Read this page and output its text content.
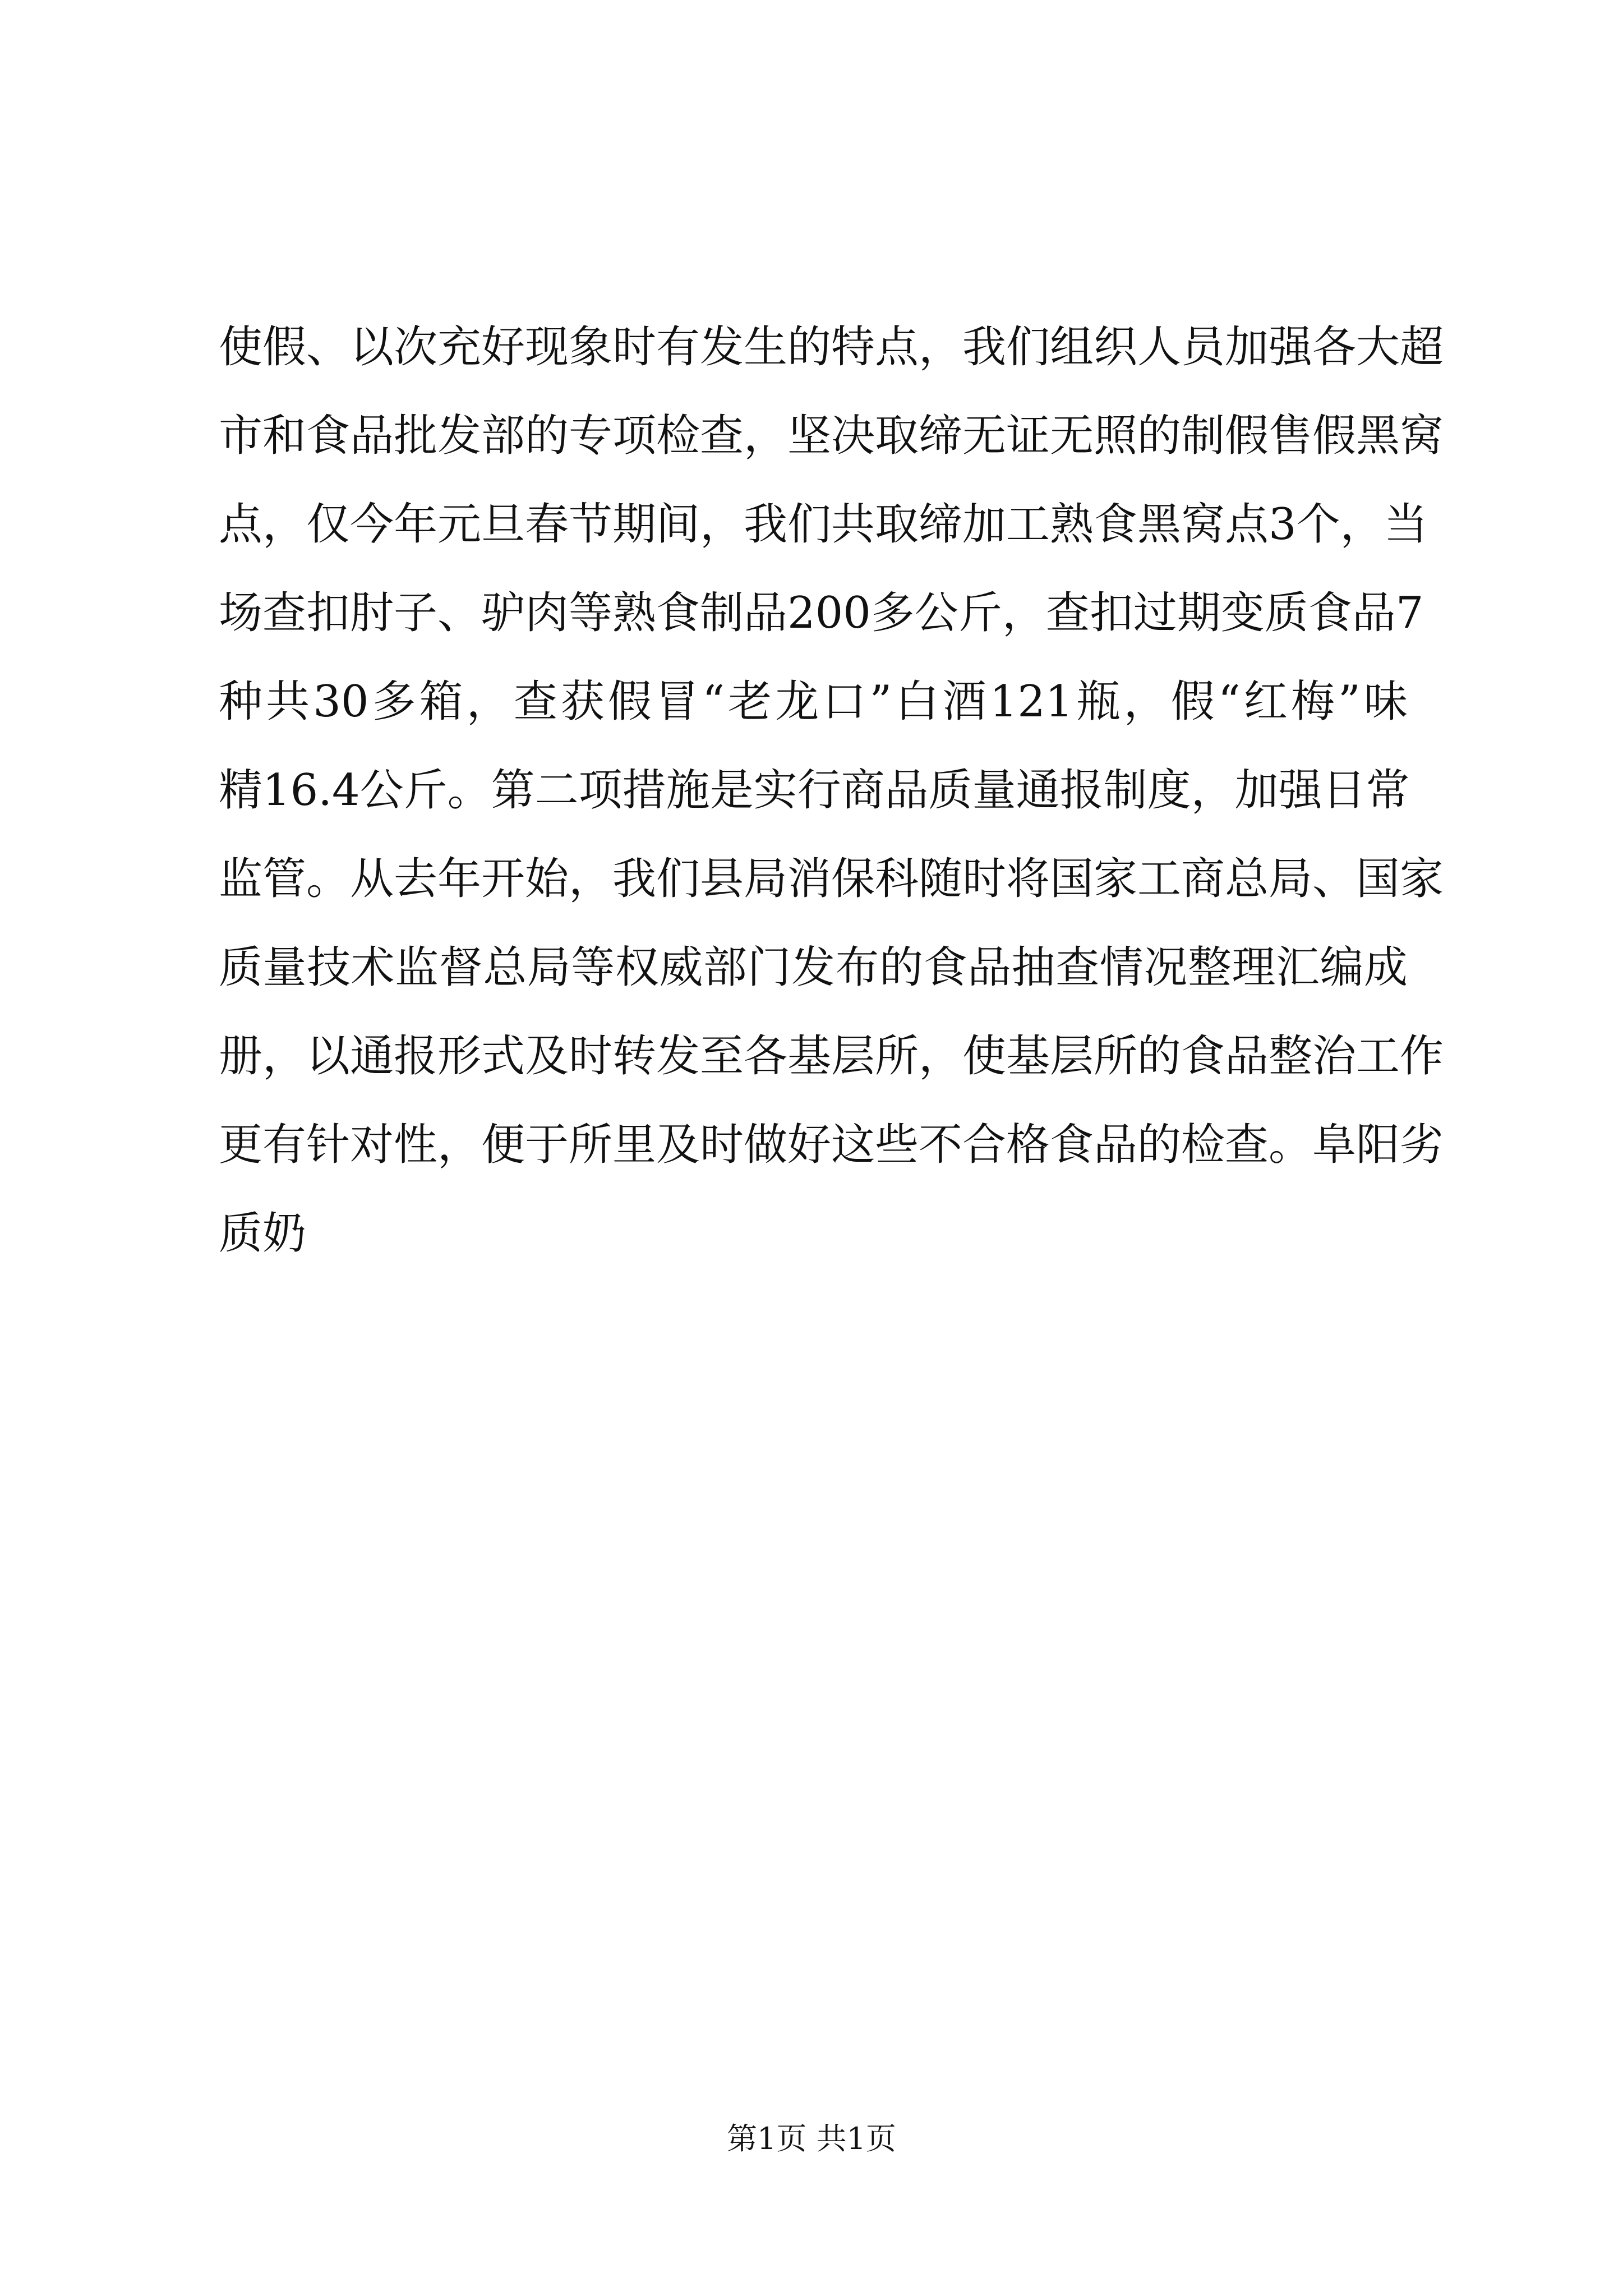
使假、以次充好现象时有发生的特点，我们组织人员加强各大超
市和食品批发部的专项检查，坚决取缔无证无照的制假售假黑窝
点，仅今年元旦春节期间，我们共取缔加工熟食黑窝点3个，当
场查扣肘子、驴肉等熟食制品200多公斤，查扣过期变质食品7
种共30多箱，查获假冒“老龙口”白酒121瓶，假“红梅”味
精16.4公斤。第二项措施是实行商品质量通报制度，加强日常
监管。从去年开始，我们县局消保科随时将国家工商总局、国家
质量技术监督总局等权威部门发布的食品抽查情况整理汇编成
册，以通报形式及时转发至各基层所，使基层所的食品整治工作
更有针对性，便于所里及时做好这些不合格食品的检查。阜阳劣
质奶
第1页 共1页
